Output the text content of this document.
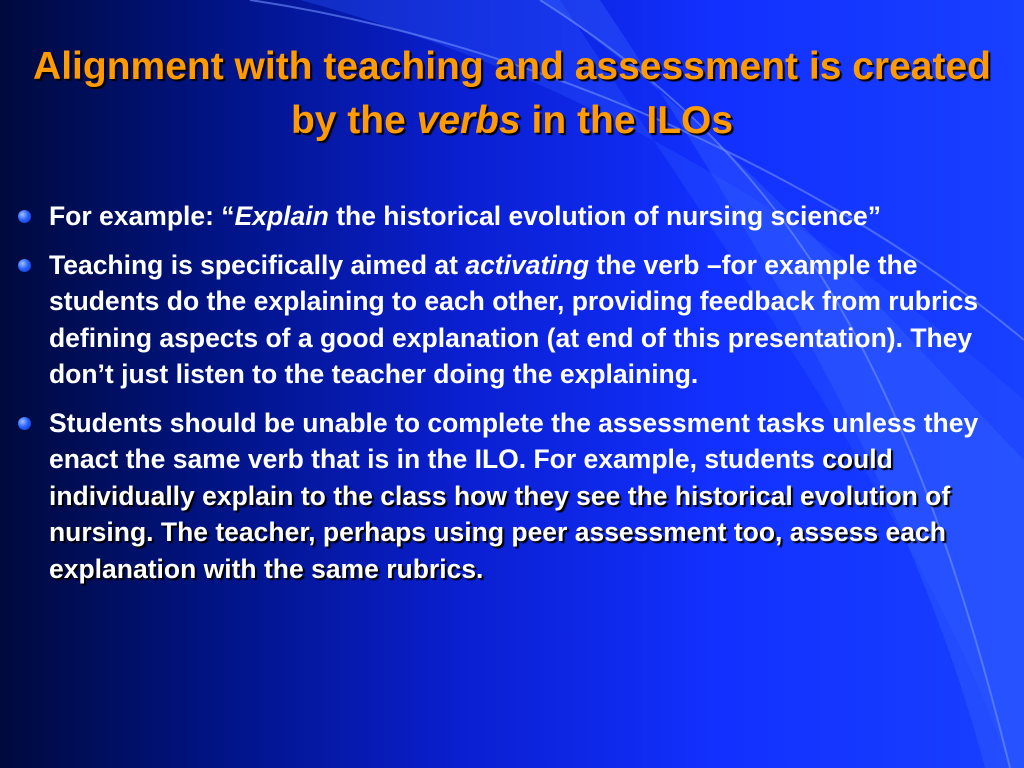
Alignment with teaching and assessment is created by the verbs in the ILOs
For example: “Explain the historical evolution of nursing science”
Teaching is specifically aimed at activating the verb –for example the students do the explaining to each other, providing feedback from rubrics defining aspects of a good explanation (at end of this presentation). They don’t just listen to the teacher doing the explaining.
Students should be unable to complete the assessment tasks unless they enact the same verb that is in the ILO. For example, students could individually explain to the class how they see the historical evolution of nursing. The teacher, perhaps using peer assessment too, assess each explanation with the same rubrics.
